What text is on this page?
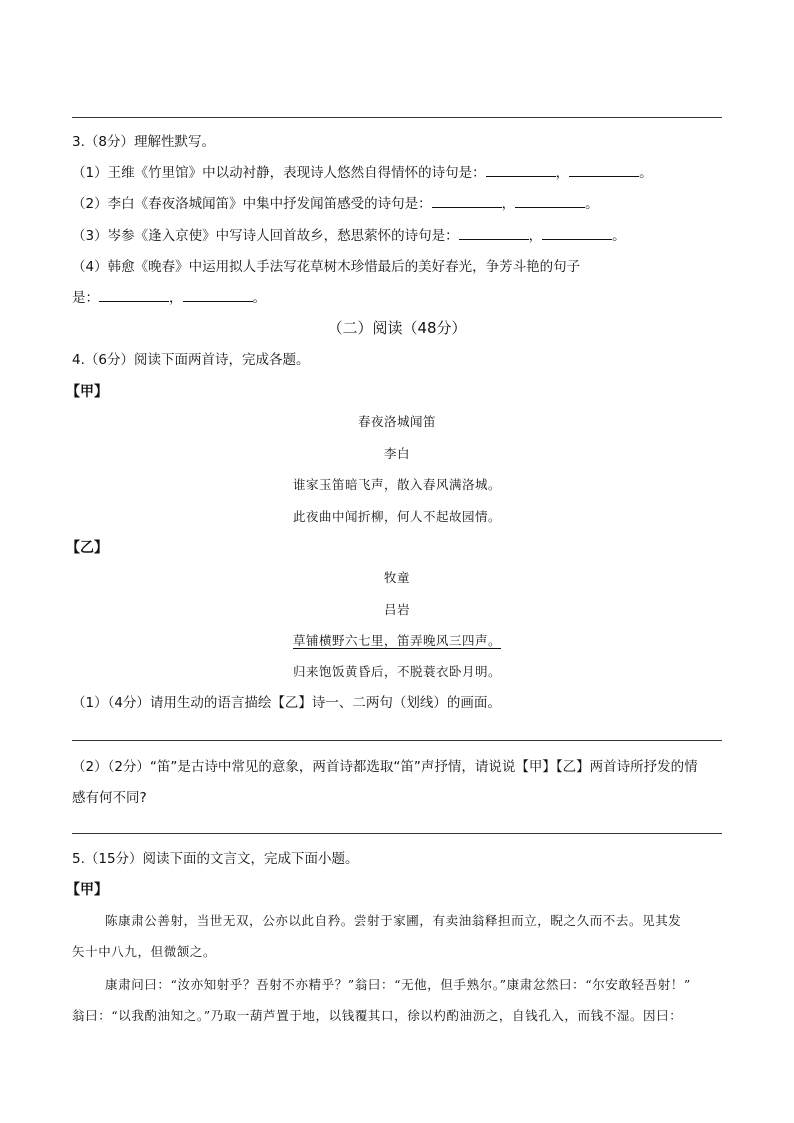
3.（8分）理解性默写。
（1）王维《竹里馆》中以动衬静，表现诗人悠然自得情怀的诗句是：	，	。
（2）李白《春夜洛城闻笛》中集中抒发闻笛感受的诗句是：	，	。
（3）岑参《逢入京使》中写诗人回首故乡，愁思萦怀的诗句是：	，	。
（4）韩愈《晚春》中运用拟人手法写花草树木珍惜最后的美好春光，争芳斗艳的句子
是：	，	。
（二）阅读（48分）
4.（6分）阅读下面两首诗，完成各题。
【甲】
春夜洛城闻笛
李白
谁家玉笛暗飞声，散入春风满洛城。
此夜曲中闻折柳，何人不起故园情。
【乙】
牧童
吕岩
草铺横野六七里，笛弄晚风三四声。
归来饱饭黄昏后，不脱蓑衣卧月明。
（1）（4分）请用生动的语言描绘【乙】诗一、二两句（划线）的画面。
（2）（2分）“笛”是古诗中常见的意象，两首诗都选取“笛”声抒情，请说说【甲】【乙】两首诗所抒发的情
感有何不同?
5.（15分）阅读下面的文言文，完成下面小题。
【甲】
陈康肃公善射，当世无双，公亦以此自矜。尝射于家圃，有卖油翁释担而立，睨之久而不去。见其发
矢十中八九，但微颔之。
康肃问曰：“汝亦知射乎？吾射不亦精乎？”翁曰：“无他，但手熟尔。”康肃忿然曰：“尔安敢轻吾射！”
翁曰：“以我酌油知之。”乃取一葫芦置于地，以钱覆其口，徐以杓酌油沥之，自钱孔入，而钱不湿。因曰：
